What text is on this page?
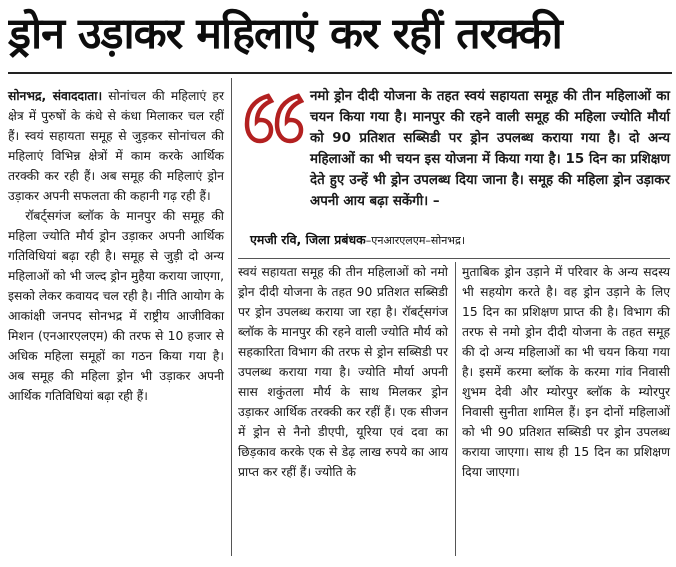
ड्रोन उड़ाकर महिलाएं कर रहीं तरक्की

सोनभद्र, संवाददाता। सोनांचल की महिलाएं हर क्षेत्र में पुरुषों के कंधे से कंधा मिलाकर चल रहीं हैं। स्वयं सहायता समूह से जुड़कर सोनांचल की महिलाएं विभिन्न क्षेत्रों में काम करके आर्थिक तरक्की कर रही हैं। अब समूह की महिलाएं ड्रोन उड़ाकर अपनी सफलता की कहानी गढ़ रही हैं।

रॉबर्ट्सगंज ब्लॉक के मानपुर की समूह की महिला ज्योति मौर्य ड्रोन उड़ाकर अपनी आर्थिक गतिविधियां बढ़ा रही है। समूह से जुड़ी दो अन्य महिलाओं को भी जल्द ड्रोन मुहैया कराया जाएगा, इसको लेकर कवायद चल रही है। नीति आयोग के आकांक्षी जनपद सोनभद्र में राष्ट्रीय आजीविका मिशन (एनआरएलएम) की तरफ से 10 हजार से अधिक महिला समूहों का गठन किया गया है। अब समूह की महिला ड्रोन भी उड़ाकर अपनी आर्थिक गतिविधियां बढ़ा रही हैं।

नमो ड्रोन दीदी योजना के तहत स्वयं सहायता समूह की तीन महिलाओं का चयन किया गया है। मानपुर की रहने वाली समूह की महिला ज्योति मौर्या को 90 प्रतिशत सब्सिडी पर ड्रोन उपलब्ध कराया गया है। दो अन्य महिलाओं का भी चयन इस योजना में किया गया है। 15 दिन का प्रशिक्षण देते हुए उन्हें भी ड्रोन उपलब्ध दिया जाना है। समूह की महिला ड्रोन उड़ाकर अपनी आय बढ़ा सकेंगी। –
एमजी रवि, जिला प्रबंधक–एनआरएलएम–सोनभद्र।
स्वयं सहायता समूह की तीन महिलाओं को नमो ड्रोन दीदी योजना के तहत 90 प्रतिशत सब्सिडी पर ड्रोन उपलब्ध कराया जा रहा है। रॉबर्ट्सगंज ब्लॉक के मानपुर की रहने वाली ज्योति मौर्य को सहकारिता विभाग की तरफ से ड्रोन सब्सिडी पर उपलब्ध कराया गया है। ज्योति मौर्या अपनी सास शकुंतला मौर्य के साथ मिलकर ड्रोन उड़ाकर आर्थिक तरक्की कर रहीं हैं। एक सीजन में ड्रोन से नैनो डीएपी, यूरिया एवं दवा का छिड़काव करके एक से डेढ़ लाख रुपये का आय प्राप्त कर रहीं हैं। ज्योति के
मुताबिक ड्रोन उड़ाने में परिवार के अन्य सदस्य भी सहयोग करते है। वह ड्रोन उड़ाने के लिए 15 दिन का प्रशिक्षण प्राप्त की है। विभाग की तरफ से नमो ड्रोन दीदी योजना के तहत समूह की दो अन्य महिलाओं का भी चयन किया गया है। इसमें करमा ब्लॉक के करमा गांव निवासी शुभम देवी और म्योरपुर ब्लॉक के म्योरपुर निवासी सुनीता शामिल हैं। इन दोनों महिलाओं को भी 90 प्रतिशत सब्सिडी पर ड्रोन उपलब्ध कराया जाएगा। साथ ही 15 दिन का प्रशिक्षण दिया जाएगा।
